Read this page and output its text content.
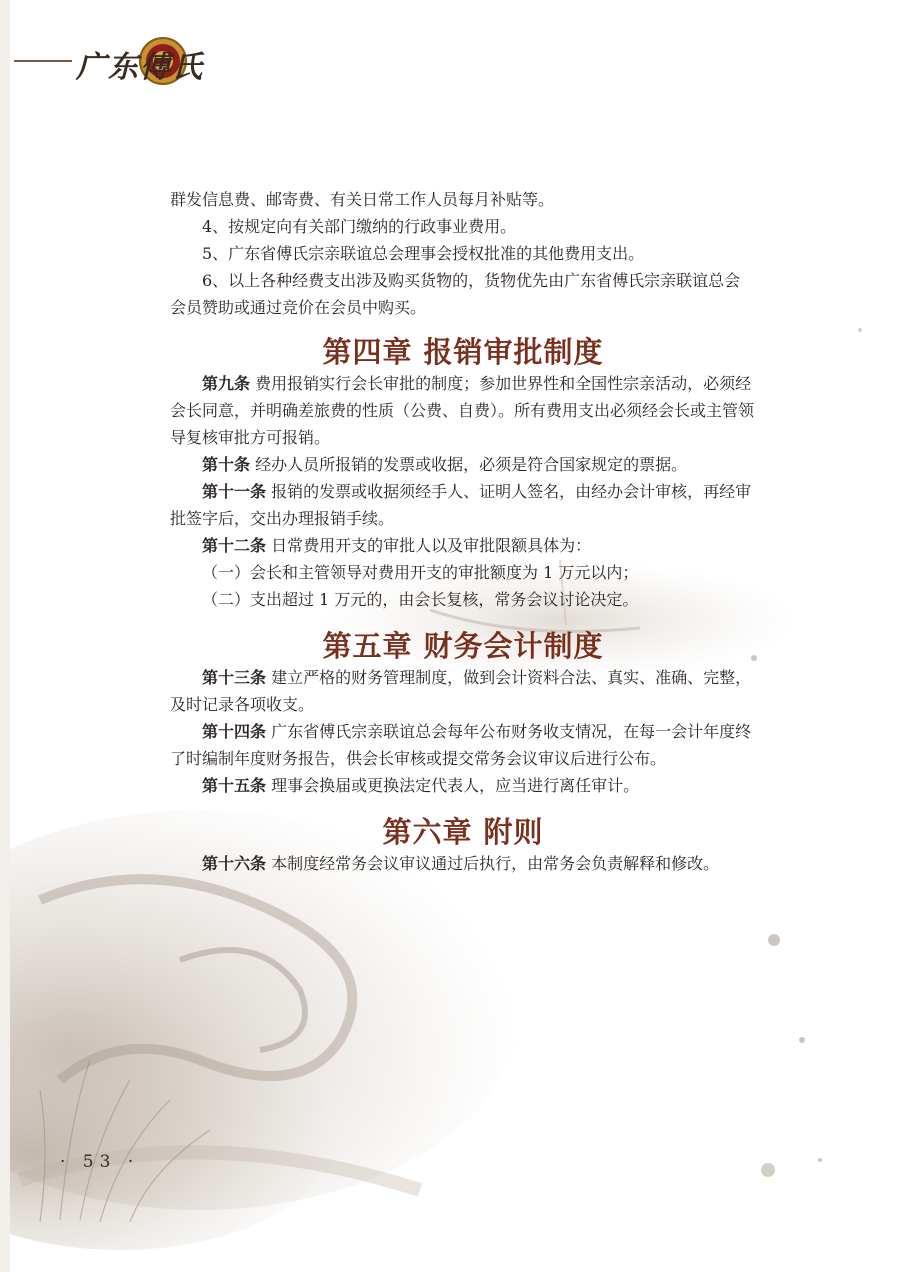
广东傅氏

群发信息费、邮寄费、有关日常工作人员每月补贴等。

4、按规定向有关部门缴纳的行政事业费用。

5、广东省傅氏宗亲联谊总会理事会授权批准的其他费用支出。

6、以上各种经费支出涉及购买货物的，货物优先由广东省傅氏宗亲联谊总会会员赞助或通过竞价在会员中购买。

第四章 报销审批制度

第九条 费用报销实行会长审批的制度；参加世界性和全国性宗亲活动，必须经会长同意，并明确差旅费的性质（公费、自费）。所有费用支出必须经会长或主管领导复核审批方可报销。

第十条 经办人员所报销的发票或收据，必须是符合国家规定的票据。

第十一条 报销的发票或收据须经手人、证明人签名，由经办会计审核，再经审批签字后，交出办理报销手续。

第十二条 日常费用开支的审批人以及审批限额具体为：

（一）会长和主管领导对费用开支的审批额度为 1 万元以内；

（二）支出超过 1 万元的，由会长复核，常务会议讨论决定。

第五章 财务会计制度

第十三条 建立严格的财务管理制度，做到会计资料合法、真实、准确、完整，及时记录各项收支。

第十四条 广东省傅氏宗亲联谊总会每年公布财务收支情况，在每一会计年度终了时编制年度财务报告，供会长审核或提交常务会议审议后进行公布。

第十五条 理事会换届或更换法定代表人，应当进行离任审计。

第六章 附则

第十六条 本制度经常务会议审议通过后执行，由常务会负责解释和修改。

· 53 ·
